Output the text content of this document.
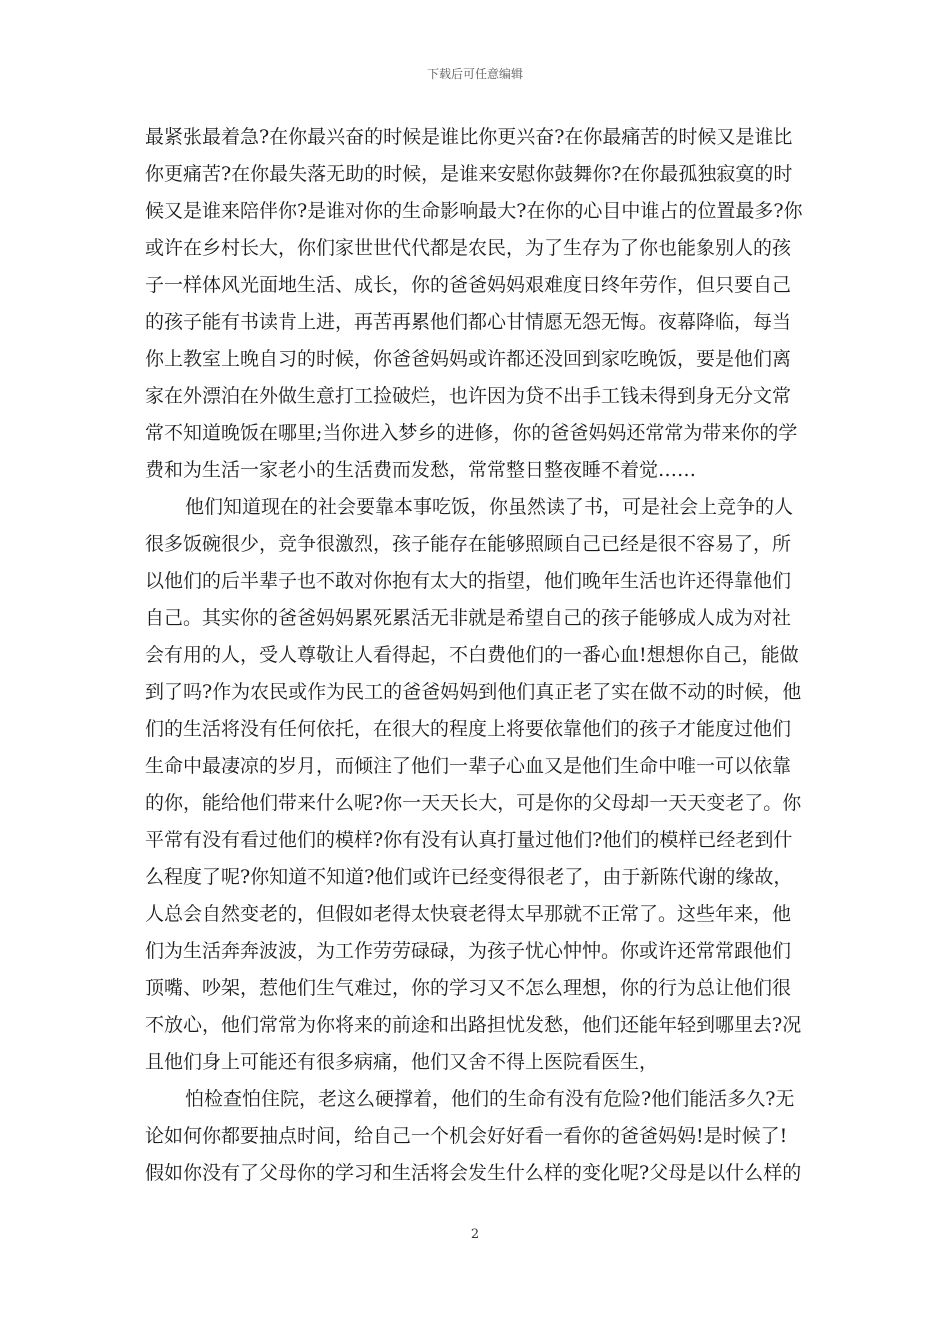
下载后可任意编辑
最紧张最着急?在你最兴奋的时候是谁比你更兴奋?在你最痛苦的时候又是谁比
你更痛苦?在你最失落无助的时候，是谁来安慰你鼓舞你?在你最孤独寂寞的时
候又是谁来陪伴你?是谁对你的生命影响最大?在你的心目中谁占的位置最多?你
或许在乡村长大，你们家世世代代都是农民，为了生存为了你也能象别人的孩
子一样体风光面地生活、成长，你的爸爸妈妈艰难度日终年劳作，但只要自己
的孩子能有书读肯上进，再苦再累他们都心甘情愿无怨无悔。夜幕降临，每当
你上教室上晚自习的时候，你爸爸妈妈或许都还没回到家吃晚饭，要是他们离
家在外漂泊在外做生意打工捡破烂，也许因为贷不出手工钱未得到身无分文常
常不知道晚饭在哪里;当你进入梦乡的进修，你的爸爸妈妈还常常为带来你的学
费和为生活一家老小的生活费而发愁，常常整日整夜睡不着觉……
他们知道现在的社会要靠本事吃饭，你虽然读了书，可是社会上竞争的人
很多饭碗很少，竞争很激烈，孩子能存在能够照顾自己已经是很不容易了，所
以他们的后半辈子也不敢对你抱有太大的指望，他们晚年生活也许还得靠他们
自己。其实你的爸爸妈妈累死累活无非就是希望自己的孩子能够成人成为对社
会有用的人，受人尊敬让人看得起，不白费他们的一番心血!想想你自己，能做
到了吗?作为农民或作为民工的爸爸妈妈到他们真正老了实在做不动的时候，他
们的生活将没有任何依托，在很大的程度上将要依靠他们的孩子才能度过他们
生命中最凄凉的岁月，而倾注了他们一辈子心血又是他们生命中唯一可以依靠
的你，能给他们带来什么呢?你一天天长大，可是你的父母却一天天变老了。你
平常有没有看过他们的模样?你有没有认真打量过他们?他们的模样已经老到什
么程度了呢?你知道不知道?他们或许已经变得很老了，由于新陈代谢的缘故，
人总会自然变老的，但假如老得太快衰老得太早那就不正常了。这些年来，他
们为生活奔奔波波，为工作劳劳碌碌，为孩子忧心忡忡。你或许还常常跟他们
顶嘴、吵架，惹他们生气难过，你的学习又不怎么理想，你的行为总让他们很
不放心，他们常常为你将来的前途和出路担忧发愁，他们还能年轻到哪里去?况
且他们身上可能还有很多病痛，他们又舍不得上医院看医生，
怕检查怕住院，老这么硬撑着，他们的生命有没有危险?他们能活多久?无
论如何你都要抽点时间，给自己一个机会好好看一看你的爸爸妈妈!是时候了!
假如你没有了父母你的学习和生活将会发生什么样的变化呢?父母是以什么样的
2
